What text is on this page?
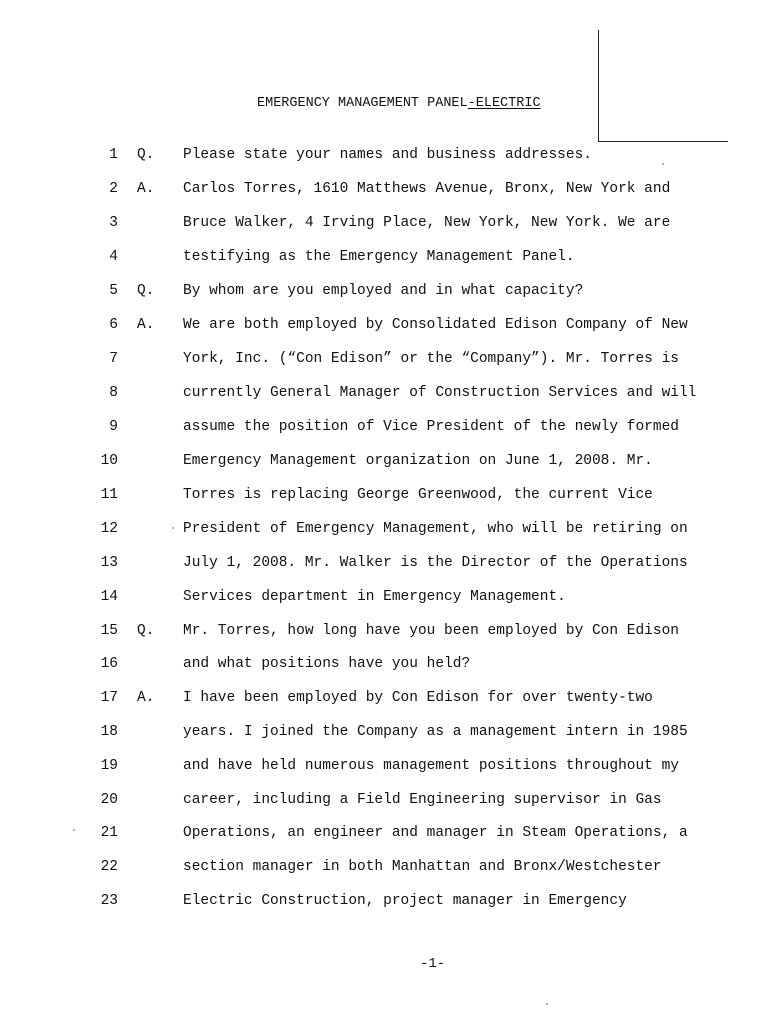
EMERGENCY MANAGEMENT PANEL-ELECTRIC
1 Q. Please state your names and business addresses.
2 A. Carlos Torres, 1610 Matthews Avenue, Bronx, New York and
3	Bruce Walker, 4 Irving Place, New York, New York. We are
4	testifying as the Emergency Management Panel.
5 Q. By whom are you employed and in what capacity?
6 A. We are both employed by Consolidated Edison Company of New
7	York, Inc. (“Con Edison” or the “Company”). Mr. Torres is
8	currently General Manager of Construction Services and will
9	assume the position of Vice President of the newly formed
10	Emergency Management organization on June 1, 2008. Mr.
11	Torres is replacing George Greenwood, the current Vice
12	President of Emergency Management, who will be retiring on
13	July 1, 2008. Mr. Walker is the Director of the Operations
14	Services department in Emergency Management.
15 Q. Mr. Torres, how long have you been employed by Con Edison
16	and what positions have you held?
17 A. I have been employed by Con Edison for over twenty-two
18	years. I joined the Company as a management intern in 1985
19	and have held numerous management positions throughout my
20	career, including a Field Engineering supervisor in Gas
21	Operations, an engineer and manager in Steam Operations, a
22	section manager in both Manhattan and Bronx/Westchester
23	Electric Construction, project manager in Emergency
-1-
